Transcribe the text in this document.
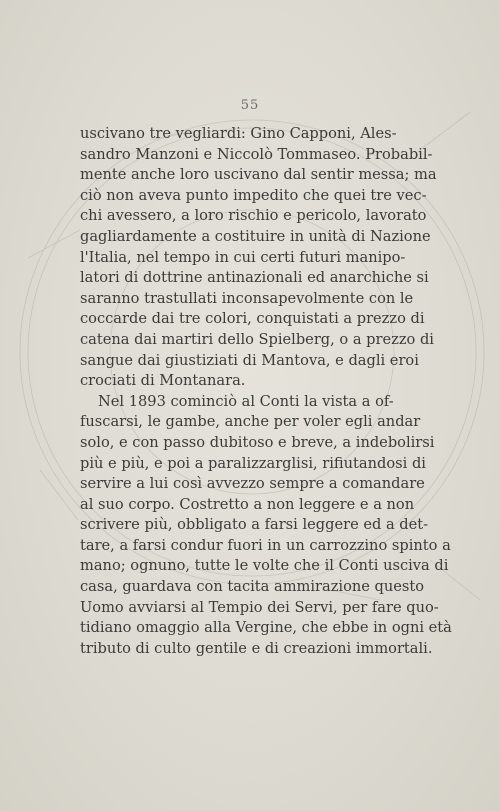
55
uscivano tre vegliardi: Gino Capponi, Ales-
sandro Manzoni e Niccolò Tommaseo. Probabil-
mente anche loro uscivano dal sentir messa; ma
ciò non aveva punto impedito che quei tre vec-
chi avessero, a loro rischio e pericolo, lavorato
gagliardamente a costituire in unità di Nazione
l'Italia, nel tempo in cui certi futuri manipo-
latori di dottrine antinazionali ed anarchiche si
saranno trastullati inconsapevolmente con le
coccarde dai tre colori, conquistati a prezzo di
catena dai martiri dello Spielberg, o a prezzo di
sangue dai giustiziati di Mantova, e dagli eroi
crociati di Montanara.
Nel 1893 cominciò al Conti la vista a of-
fuscarsi, le gambe, anche per voler egli andar
solo, e con passo dubitoso e breve, a indebolirsi
più e più, e poi a paralizzarglisi, rifiutandosi di
servire a lui così avvezzo sempre a comandare
al suo corpo. Costretto a non leggere e a non
scrivere più, obbligato a farsi leggere ed a det-
tare, a farsi condur fuori in un carrozzino spinto a
mano; ognuno, tutte le volte che il Conti usciva di
casa, guardava con tacita ammirazione questo
Uomo avviarsi al Tempio dei Servi, per fare quo-
tidiano omaggio alla Vergine, che ebbe in ogni età
tributo di culto gentile e di creazioni immortali.
